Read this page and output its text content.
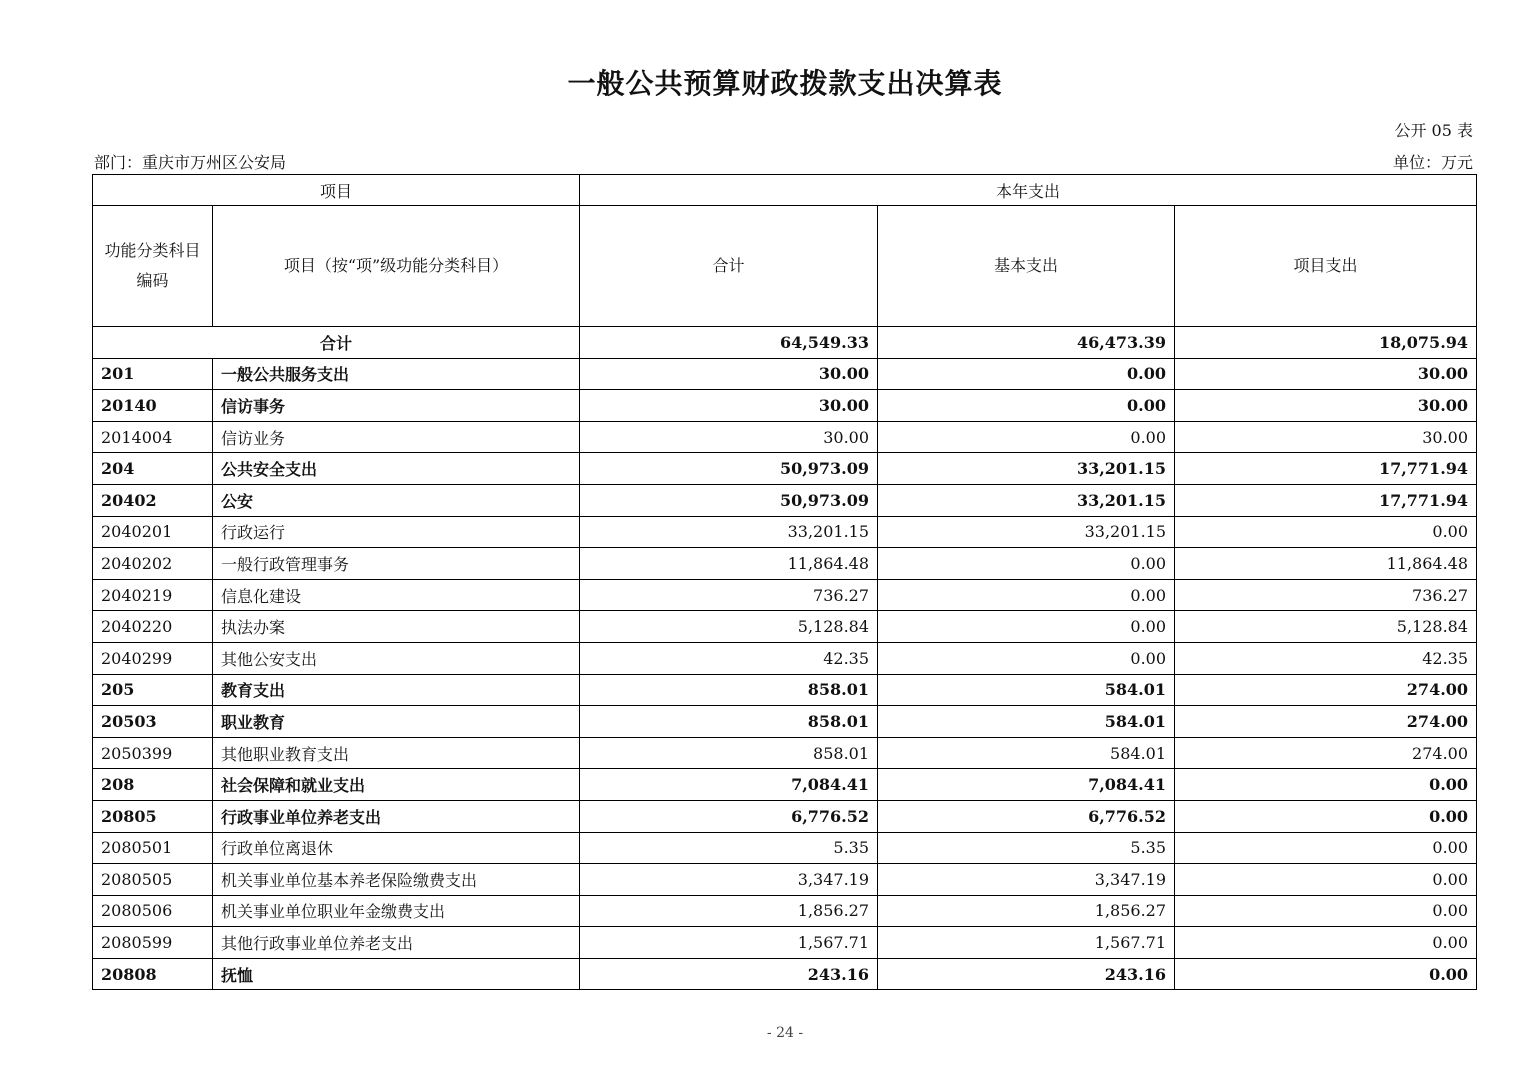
一般公共预算财政拨款支出决算表
公开 05 表
部门：重庆市万州区公安局	单位：万元
项目		本年支出		
功能分类科目编码	项目（按“项”级功能分类科目）	合计	基本支出	项目支出
合计		64,549.33	46,473.39	18,075.94
201	一般公共服务支出	30.00	0.00	30.00
20140	信访事务	30.00	0.00	30.00
2014004	信访业务	30.00	0.00	30.00
204	公共安全支出	50,973.09	33,201.15	17,771.94
20402	公安	50,973.09	33,201.15	17,771.94
2040201	行政运行	33,201.15	33,201.15	0.00
2040202	一般行政管理事务	11,864.48	0.00	11,864.48
2040219	信息化建设	736.27	0.00	736.27
2040220	执法办案	5,128.84	0.00	5,128.84
2040299	其他公安支出	42.35	0.00	42.35
205	教育支出	858.01	584.01	274.00
20503	职业教育	858.01	584.01	274.00
2050399	其他职业教育支出	858.01	584.01	274.00
208	社会保障和就业支出	7,084.41	7,084.41	0.00
20805	行政事业单位养老支出	6,776.52	6,776.52	0.00
2080501	行政单位离退休	5.35	5.35	0.00
2080505	机关事业单位基本养老保险缴费支出	3,347.19	3,347.19	0.00
2080506	机关事业单位职业年金缴费支出	1,856.27	1,856.27	0.00
2080599	其他行政事业单位养老支出	1,567.71	1,567.71	0.00
20808	抚恤	243.16	243.16	0.00
- 24 -
